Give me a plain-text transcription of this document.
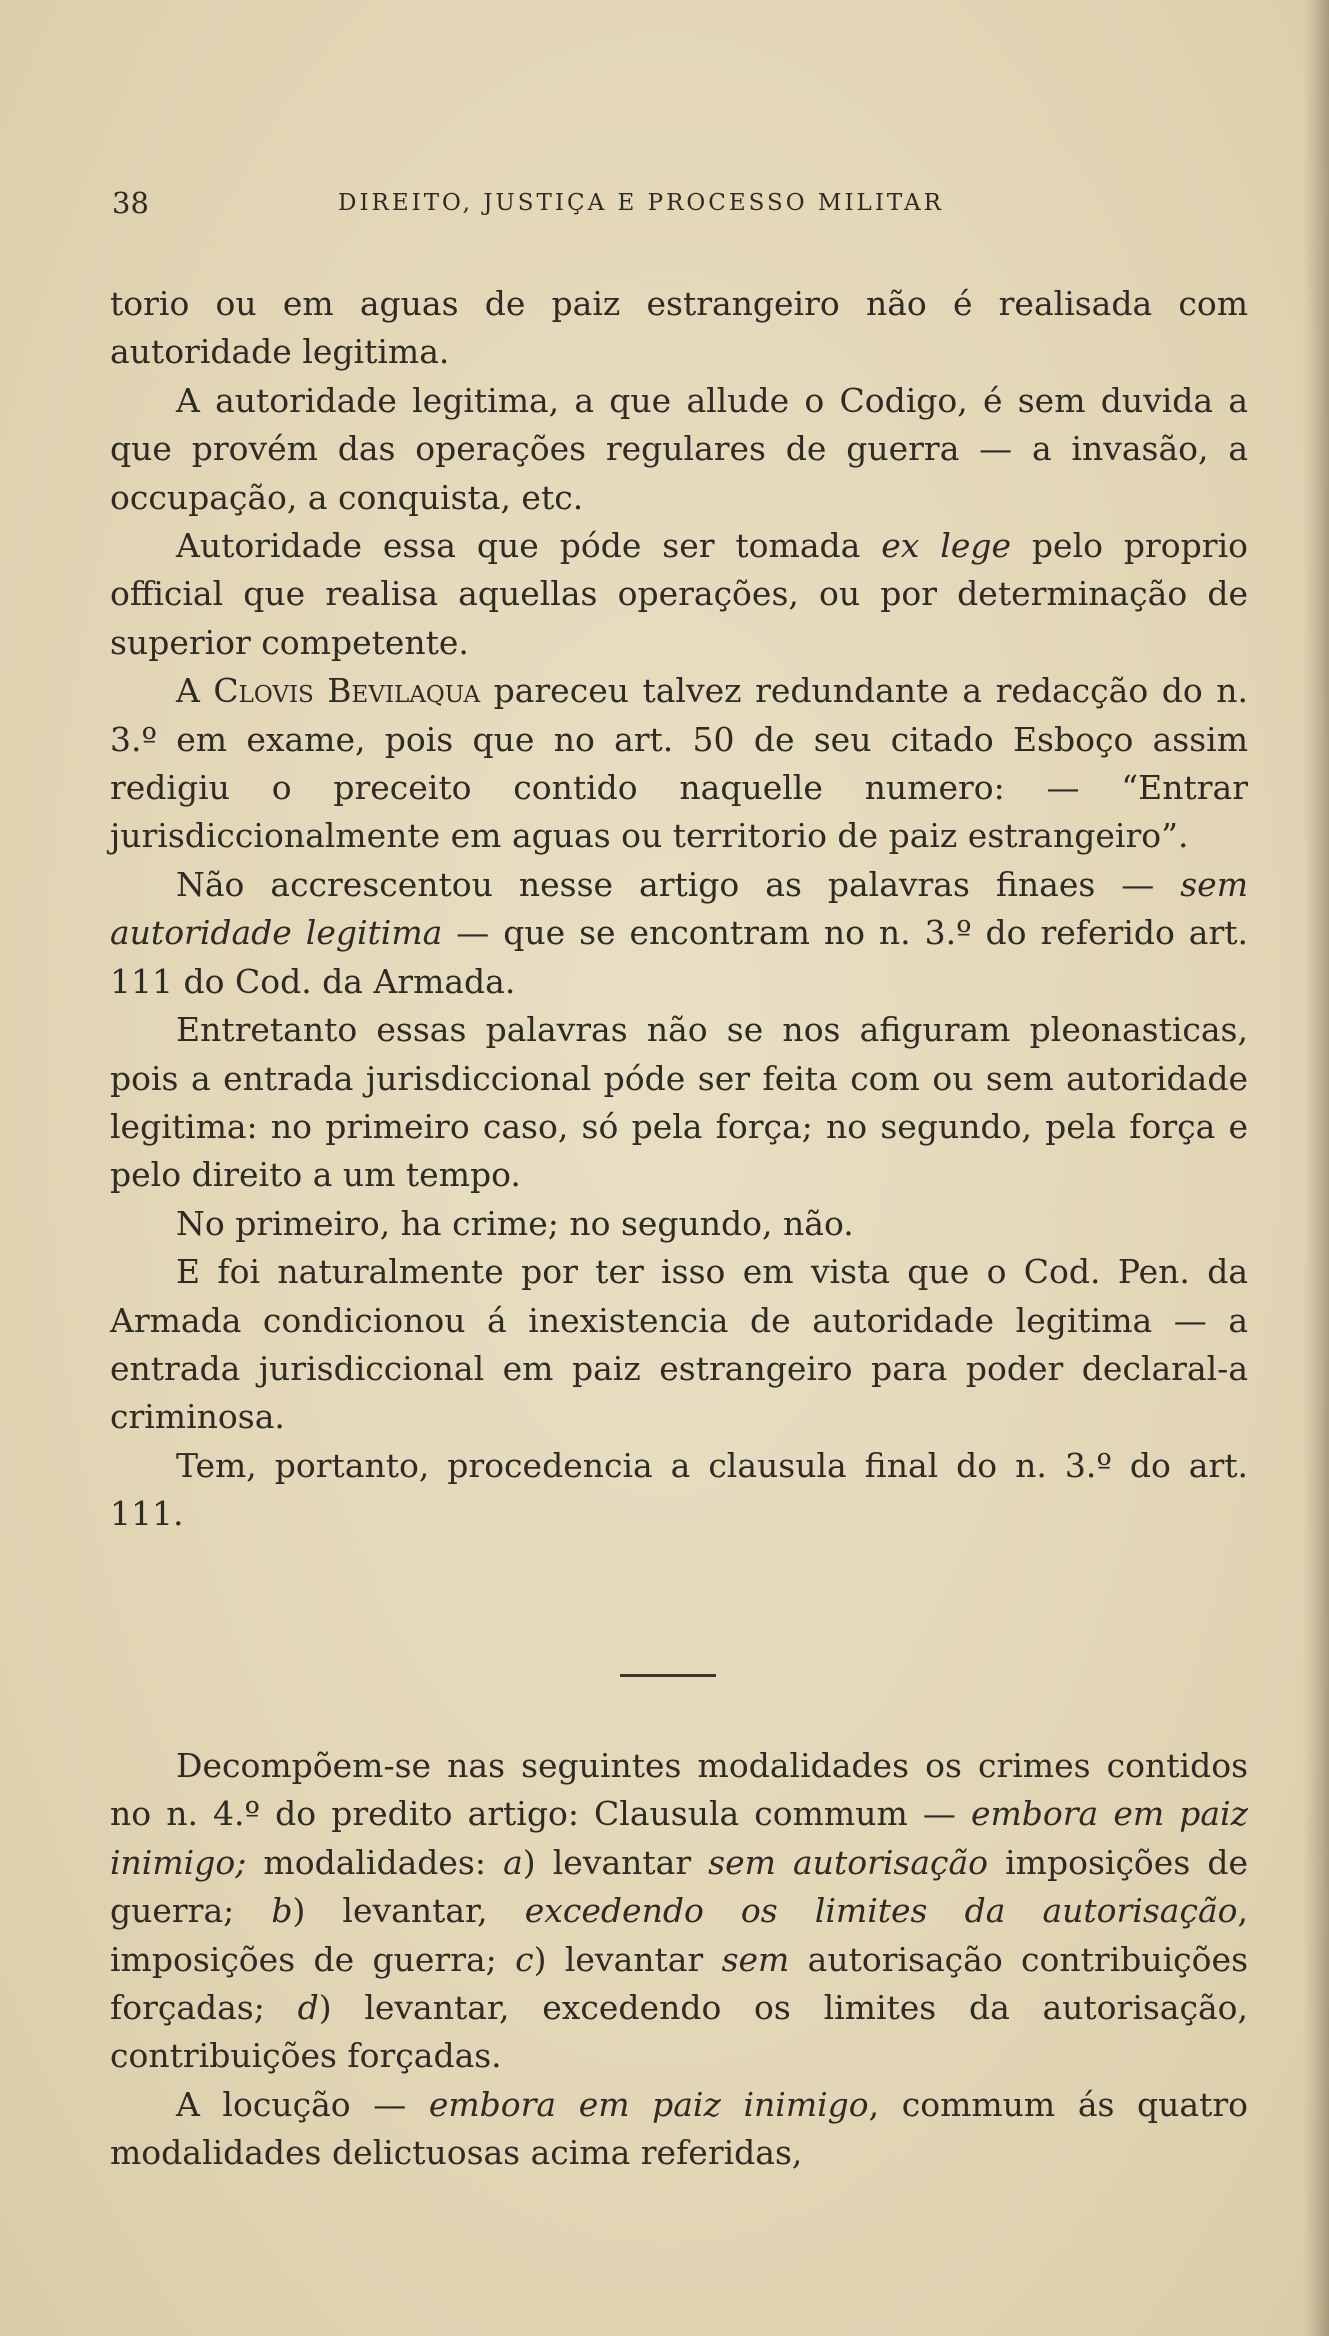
38	DIREITO, JUSTIÇA E PROCESSO MILITAR

torio ou em aguas de paiz estrangeiro não é realisada com autoridade legitima.

A autoridade legitima, a que allude o Codigo, é sem duvida a que provém das operações regulares de guerra — a invasão, a occupação, a conquista, etc.

Autoridade essa que póde ser tomada ex lege pelo proprio official que realisa aquellas operações, ou por determinação de superior competente.

A Clovis Bevilaqua pareceu talvez redundante a redacção do n. 3.º em exame, pois que no art. 50 de seu citado Esboço assim redigiu o preceito contido naquelle numero: — “Entrar jurisdiccionalmente em aguas ou territorio de paiz estrangeiro”.

Não accrescentou nesse artigo as palavras finaes — sem autoridade legitima — que se encontram no n. 3.º do referido art. 111 do Cod. da Armada.

Entretanto essas palavras não se nos afiguram pleonasticas, pois a entrada jurisdiccional póde ser feita com ou sem autoridade legitima: no primeiro caso, só pela força; no segundo, pela força e pelo direito a um tempo.

No primeiro, ha crime; no segundo, não.

E foi naturalmente por ter isso em vista que o Cod. Pen. da Armada condicionou á inexistencia de autoridade legitima — a entrada jurisdiccional em paiz estrangeiro para poder declaral-a criminosa.

Tem, portanto, procedencia a clausula final do n. 3.º do art. 111.

Decompõem-se nas seguintes modalidades os crimes contidos no n. 4.º do predito artigo: Clausula commum — embora em paiz inimigo; modalidades: a) levantar sem autorisação imposições de guerra; b) levantar, excedendo os limites da autorisação, imposições de guerra; c) levantar sem autorisação contribuições forçadas; d) levantar, excedendo os limites da autorisação, contribuições forçadas.

A locução — embora em paiz inimigo, commum ás quatro modalidades delictuosas acima referidas,
